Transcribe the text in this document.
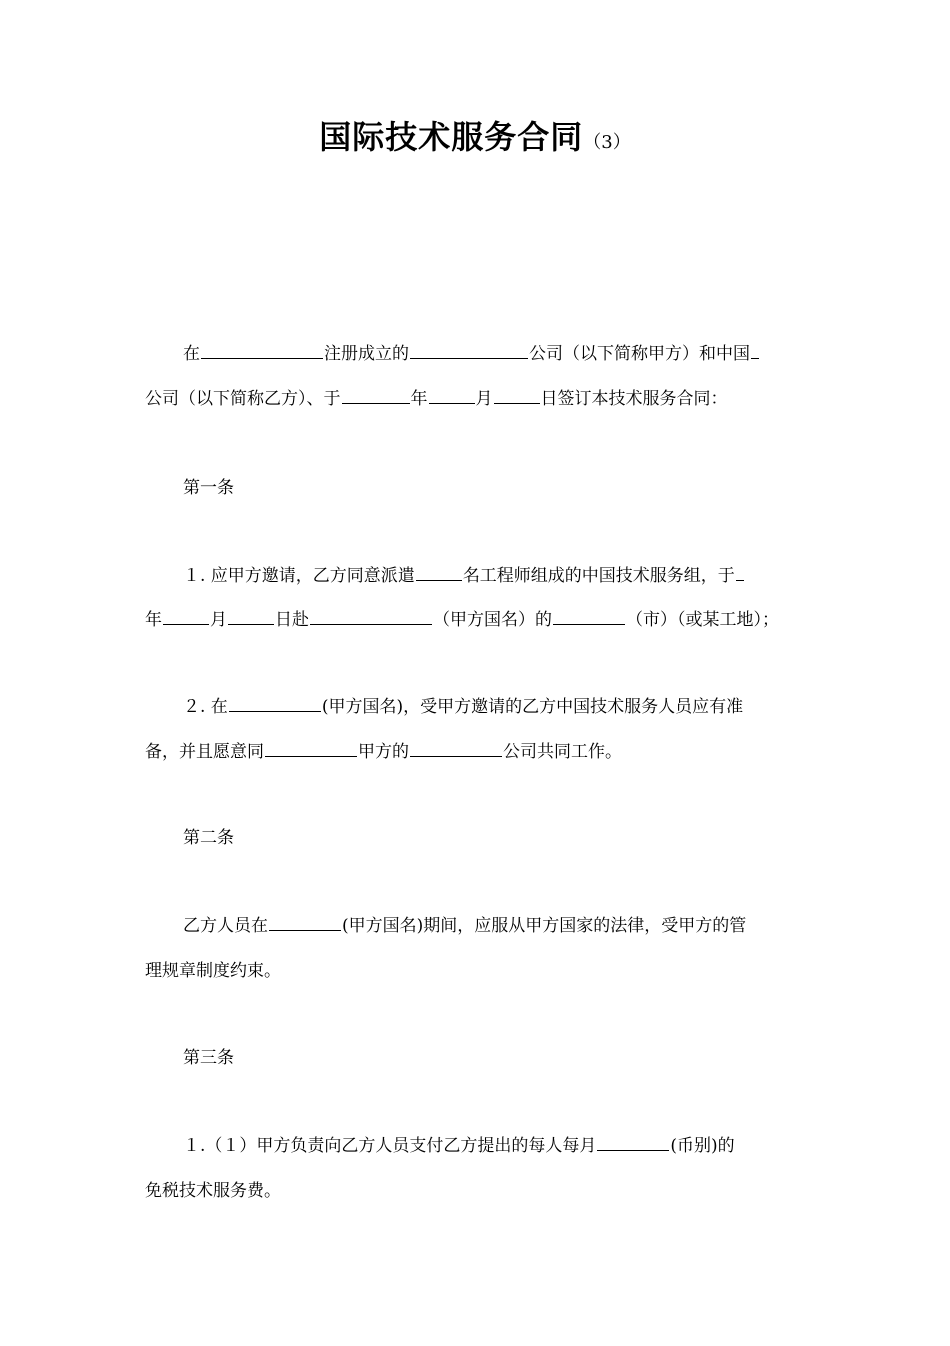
国际技术服务合同（3）
在	注册成立的	公司（以下简称甲方）和中国
公司（以下简称乙方）、于	年	月	日签订本技术服务合同：
第一条
１. 应甲方邀请，乙方同意派遣	名工程师组成的中国技术服务组，于
年	月	日赴	（甲方国名）的	（市）（或某工地）；
２. 在	(甲方国名)，受甲方邀请的乙方中国技术服务人员应有准
备，并且愿意同	甲方的	公司共同工作。
第二条
乙方人员在	(甲方国名)期间，应服从甲方国家的法律，受甲方的管
理规章制度约束。
第三条
１.（１）甲方负责向乙方人员支付乙方提出的每人每月	(币别)的
免税技术服务费。
